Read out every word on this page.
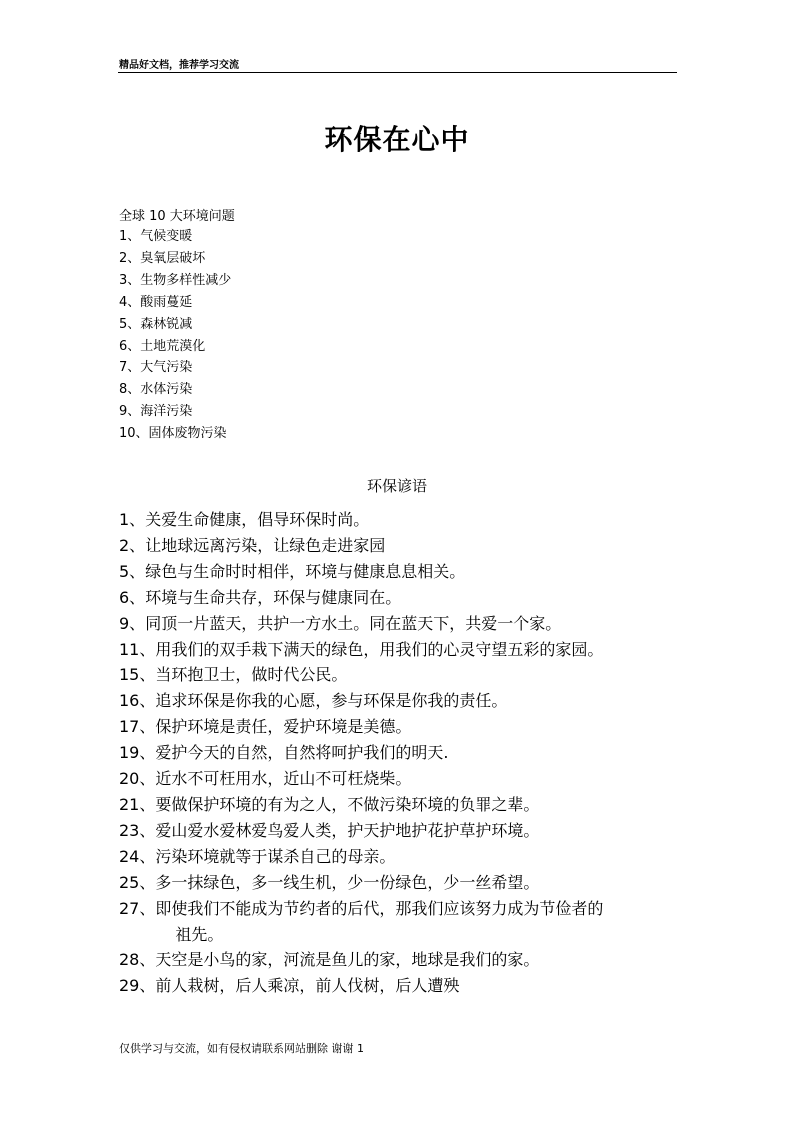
精品好文档，推荐学习交流
环保在心中
全球 10 大环境问题
1、气候变暖
2、臭氧层破坏
3、生物多样性减少
4、酸雨蔓延
5、森林锐减
6、土地荒漠化
7、大气污染
8、水体污染
9、海洋污染
10、固体废物污染
环保谚语
1、 关爱生命健康，倡导环保时尚。
2、 让地球远离污染，让绿色走进家园
5、 绿色与生命时时相伴，环境与健康息息相关。
6、 环境与生命共存，环保与健康同在。
9、 同顶一片蓝天，共护一方水土。同在蓝天下，共爱一个家。
11、 用我们的双手栽下满天的绿色，用我们的心灵守望五彩的家园。
15、 当环抱卫士，做时代公民。
16、 追求环保是你我的心愿，参与环保是你我的责任。
17、 保护环境是责任，爱护环境是美德。
19、 爱护今天的自然，自然将呵护我们的明天.
20、 近水不可枉用水，近山不可枉烧柴。
21、 要做保护环境的有为之人，不做污染环境的负罪之辈。
23、 爱山爱水爱林爱鸟爱人类，护天护地护花护草护环境。
24、 污染环境就等于谋杀自己的母亲。
25、 多一抹绿色，多一线生机，少一份绿色，少一丝希望。
27、 即使我们不能成为节约者的后代，那我们应该努力成为节俭者的
祖先。
28、 天空是小鸟的家，河流是鱼儿的家，地球是我们的家。
29、 前人栽树，后人乘凉，前人伐树，后人遭殃
仅供学习与交流，如有侵权请联系网站删除 谢谢 1
